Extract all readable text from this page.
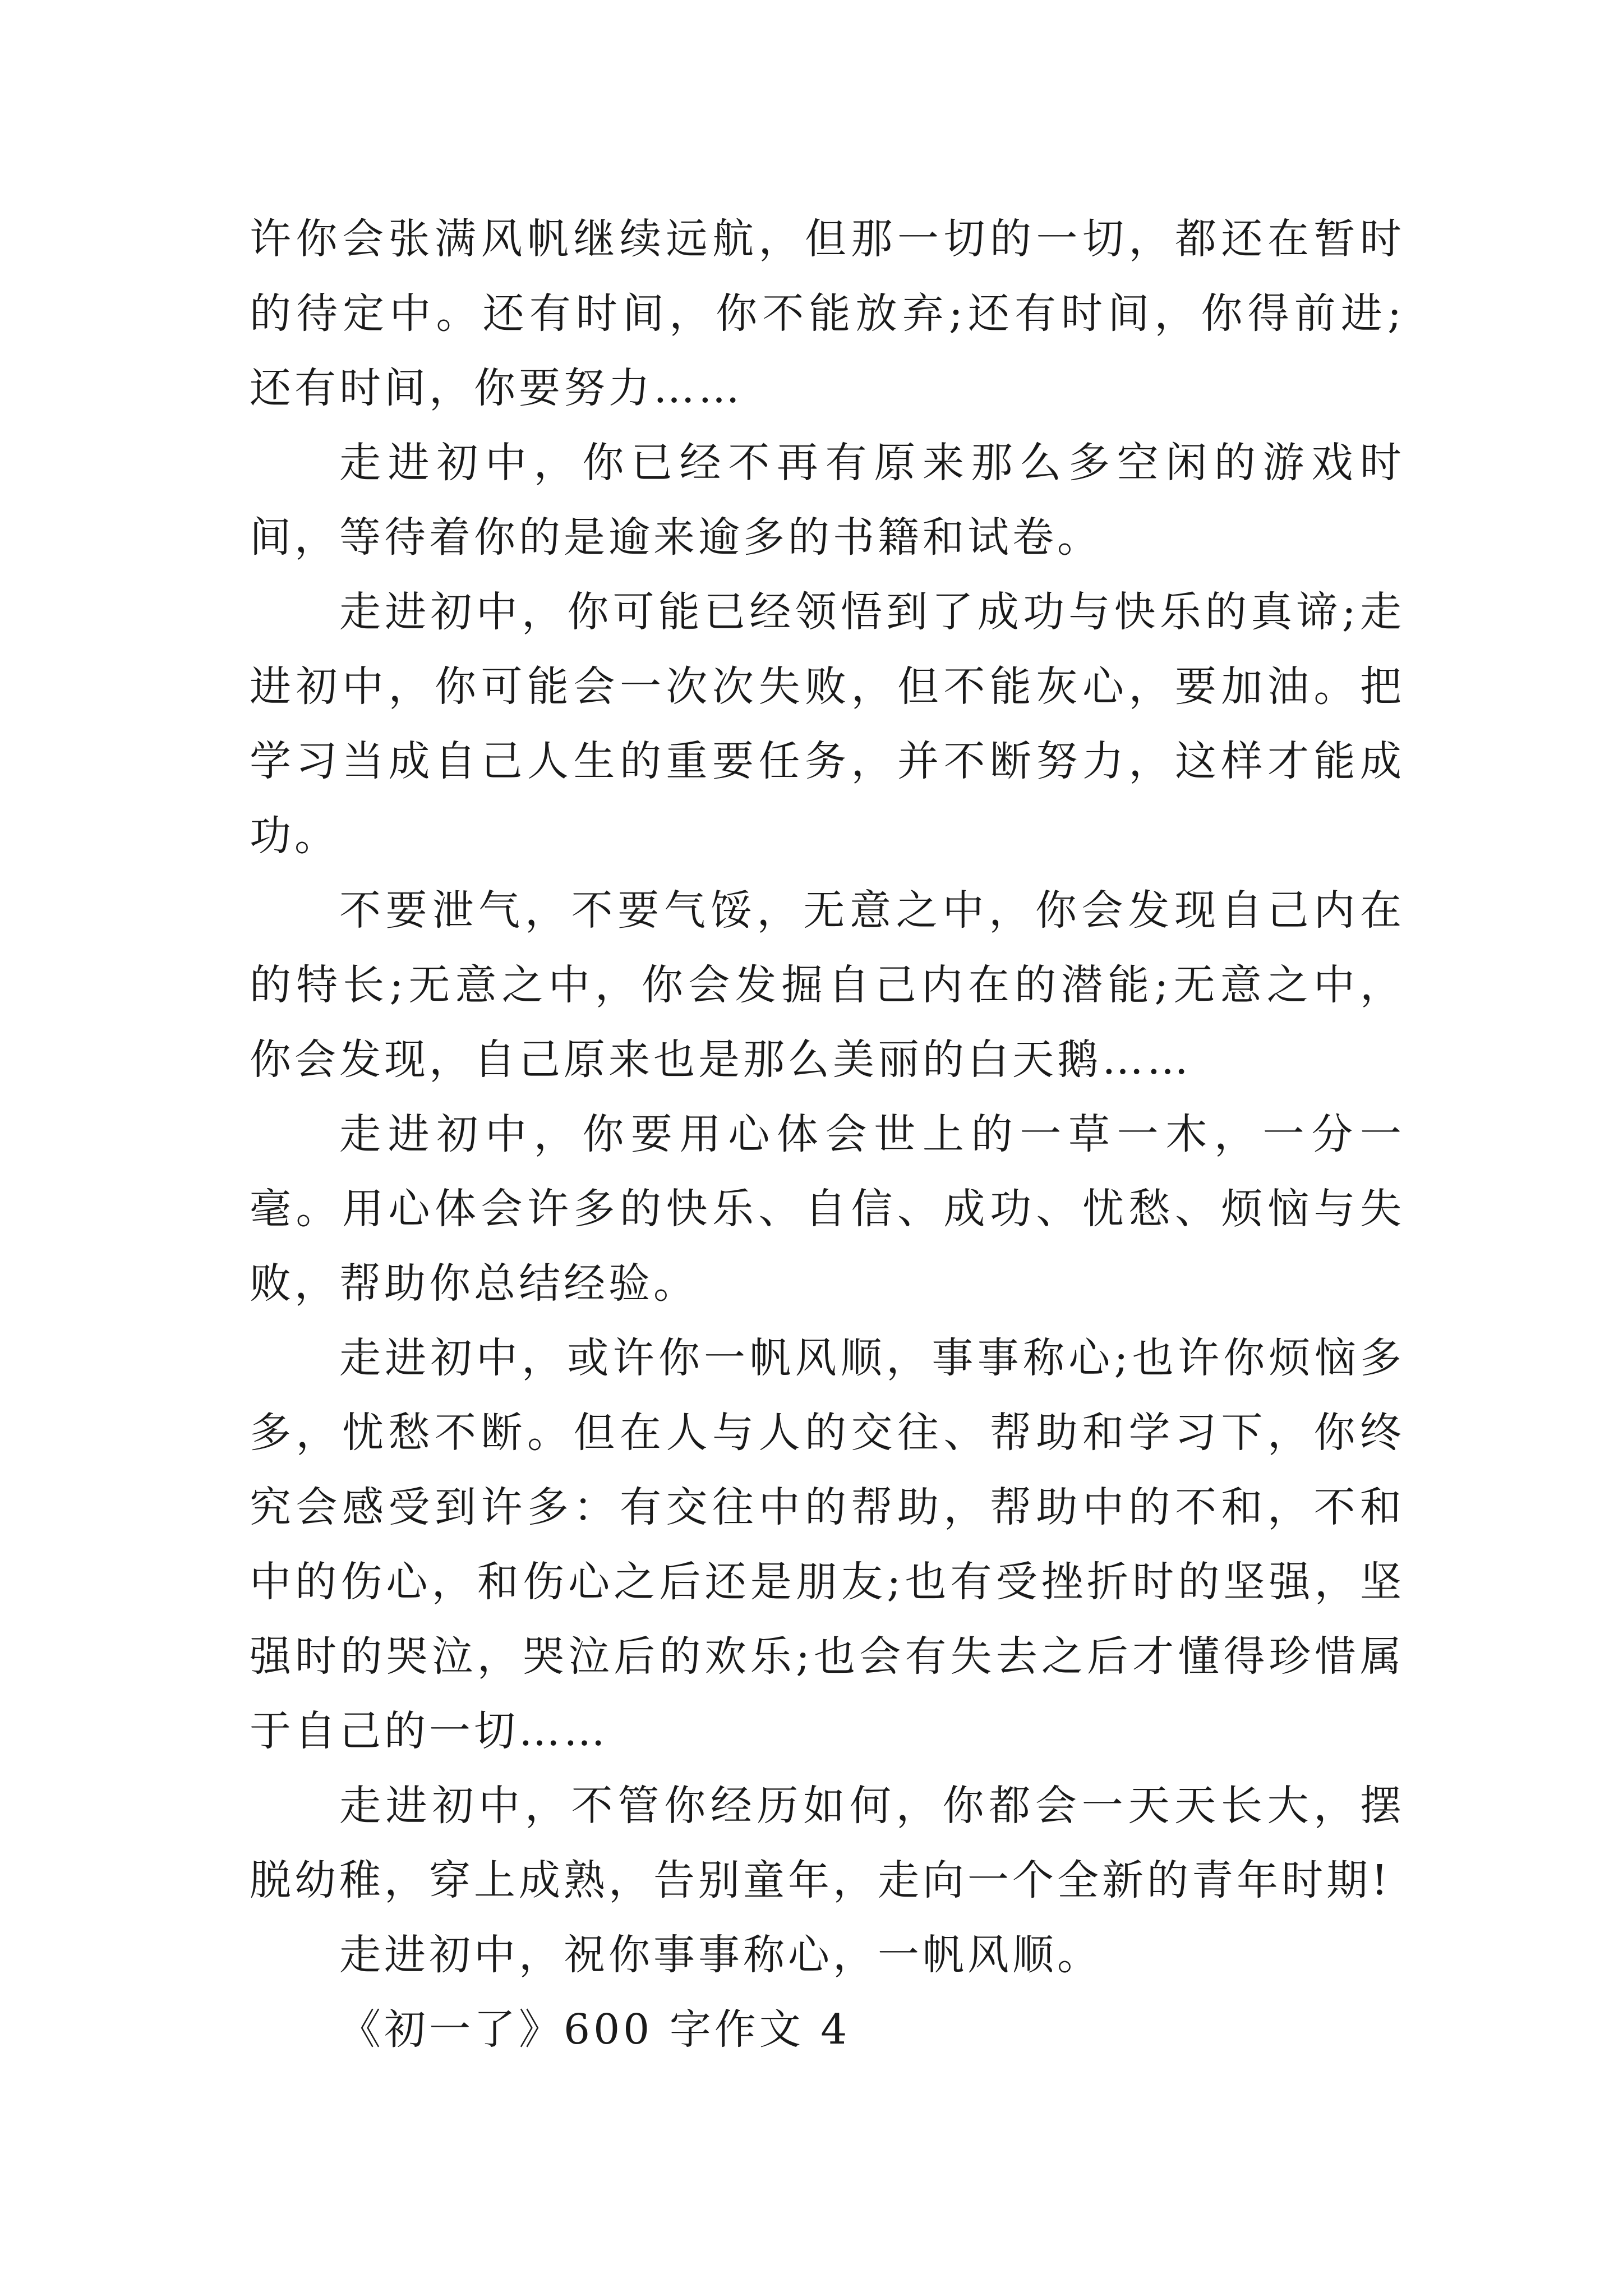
许你会张满风帆继续远航，但那一切的一切，都还在暂时的待定中。还有时间，你不能放弃;还有时间，你得前进;还有时间，你要努力……

走进初中，你已经不再有原来那么多空闲的游戏时间，等待着你的是逾来逾多的书籍和试卷。

走进初中，你可能已经领悟到了成功与快乐的真谛;走进初中，你可能会一次次失败，但不能灰心，要加油。把学习当成自己人生的重要任务，并不断努力，这样才能成功。

不要泄气，不要气馁，无意之中，你会发现自己内在的特长;无意之中，你会发掘自己内在的潜能;无意之中，你会发现，自己原来也是那么美丽的白天鹅……

走进初中，你要用心体会世上的一草一木，一分一毫。用心体会许多的快乐、自信、成功、忧愁、烦恼与失败，帮助你总结经验。

走进初中，或许你一帆风顺，事事称心;也许你烦恼多多，忧愁不断。但在人与人的交往、帮助和学习下，你终究会感受到许多：有交往中的帮助，帮助中的不和，不和中的伤心，和伤心之后还是朋友;也有受挫折时的坚强，坚强时的哭泣，哭泣后的欢乐;也会有失去之后才懂得珍惜属于自己的一切……

走进初中，不管你经历如何，你都会一天天长大，摆脱幼稚，穿上成熟，告别童年，走向一个全新的青年时期!

走进初中，祝你事事称心，一帆风顺。

《初一了》600 字作文 4
